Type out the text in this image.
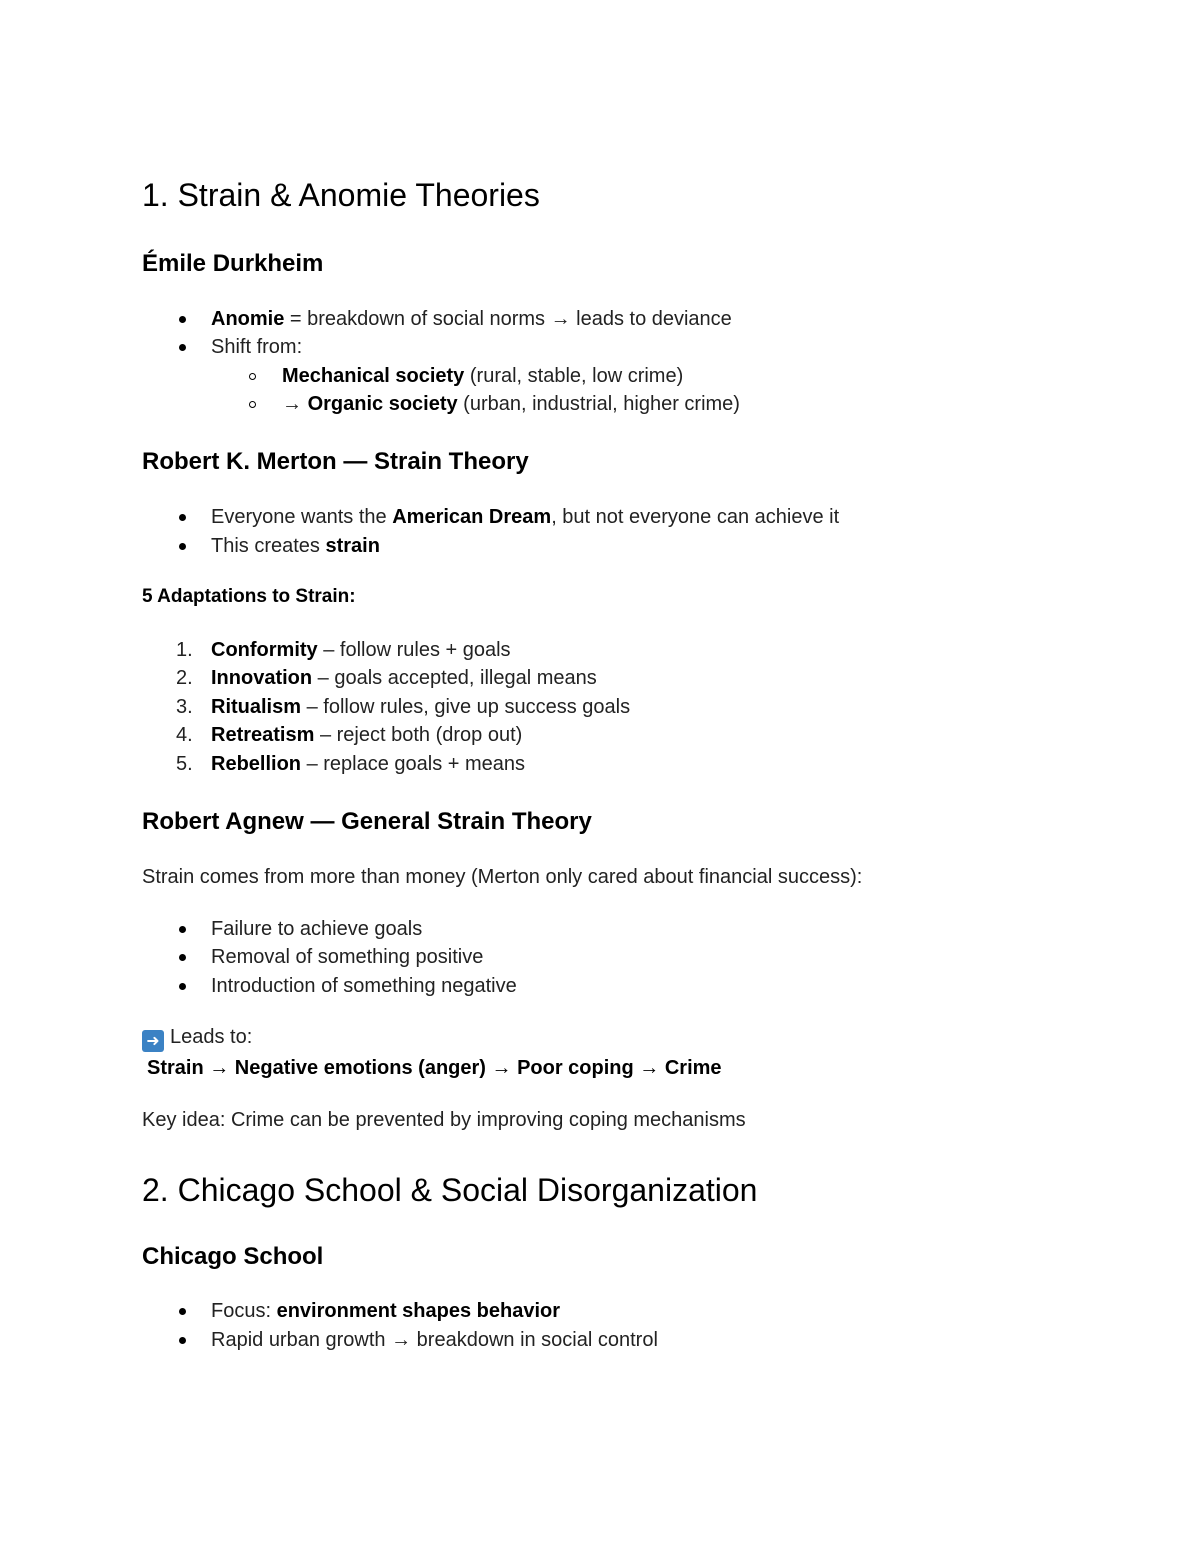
1. Strain & Anomie Theories
Émile Durkheim
Anomie = breakdown of social norms → leads to deviance
Shift from:
Mechanical society (rural, stable, low crime)
→ Organic society (urban, industrial, higher crime)
Robert K. Merton — Strain Theory
Everyone wants the American Dream, but not everyone can achieve it
This creates strain
5 Adaptations to Strain:
1. Conformity – follow rules + goals
2. Innovation – goals accepted, illegal means
3. Ritualism – follow rules, give up success goals
4. Retreatism – reject both (drop out)
5. Rebellion – replace goals + means
Robert Agnew — General Strain Theory

Strain comes from more than money (Merton only cared about financial success):

Failure to achieve goals
Removal of something positive
Introduction of something negative

➜ Leads to:

Strain → Negative emotions (anger) → Poor coping → Crime

Key idea: Crime can be prevented by improving coping mechanisms

2. Chicago School & Social Disorganization
Chicago School
Focus: environment shapes behavior
Rapid urban growth → breakdown in social control
